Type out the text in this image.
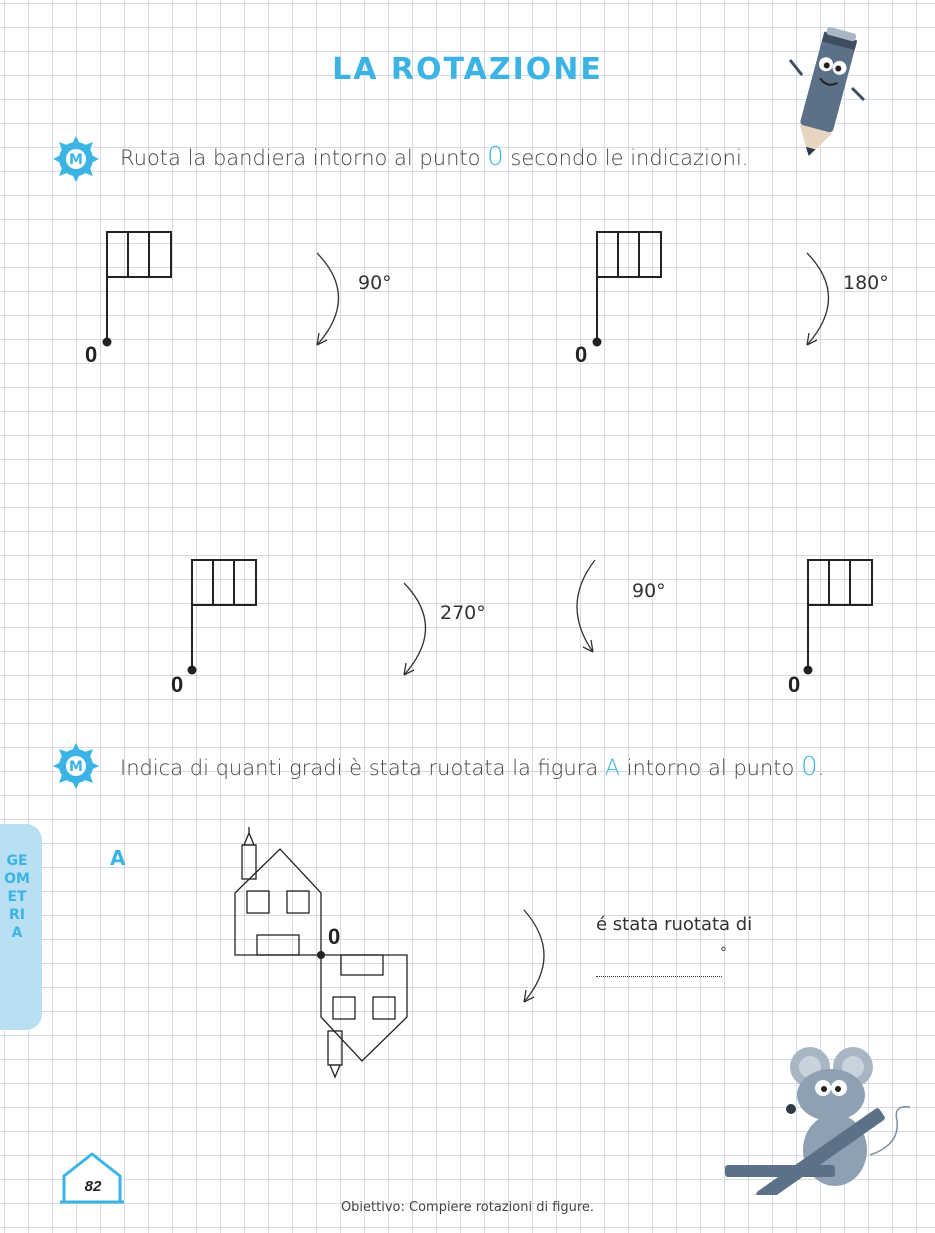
LA ROTAZIONE
M Ruota la bandiera intorno al punto 0 secondo le indicazioni.
0
90°
0
180°
0
270°
90°
0
M Indica di quanti gradi è stata ruotata la figura A intorno al punto 0.
GEOMETRIA
A
0	é stata ruotata di
°
82
Obiettivo: Compiere rotazioni di figure.
